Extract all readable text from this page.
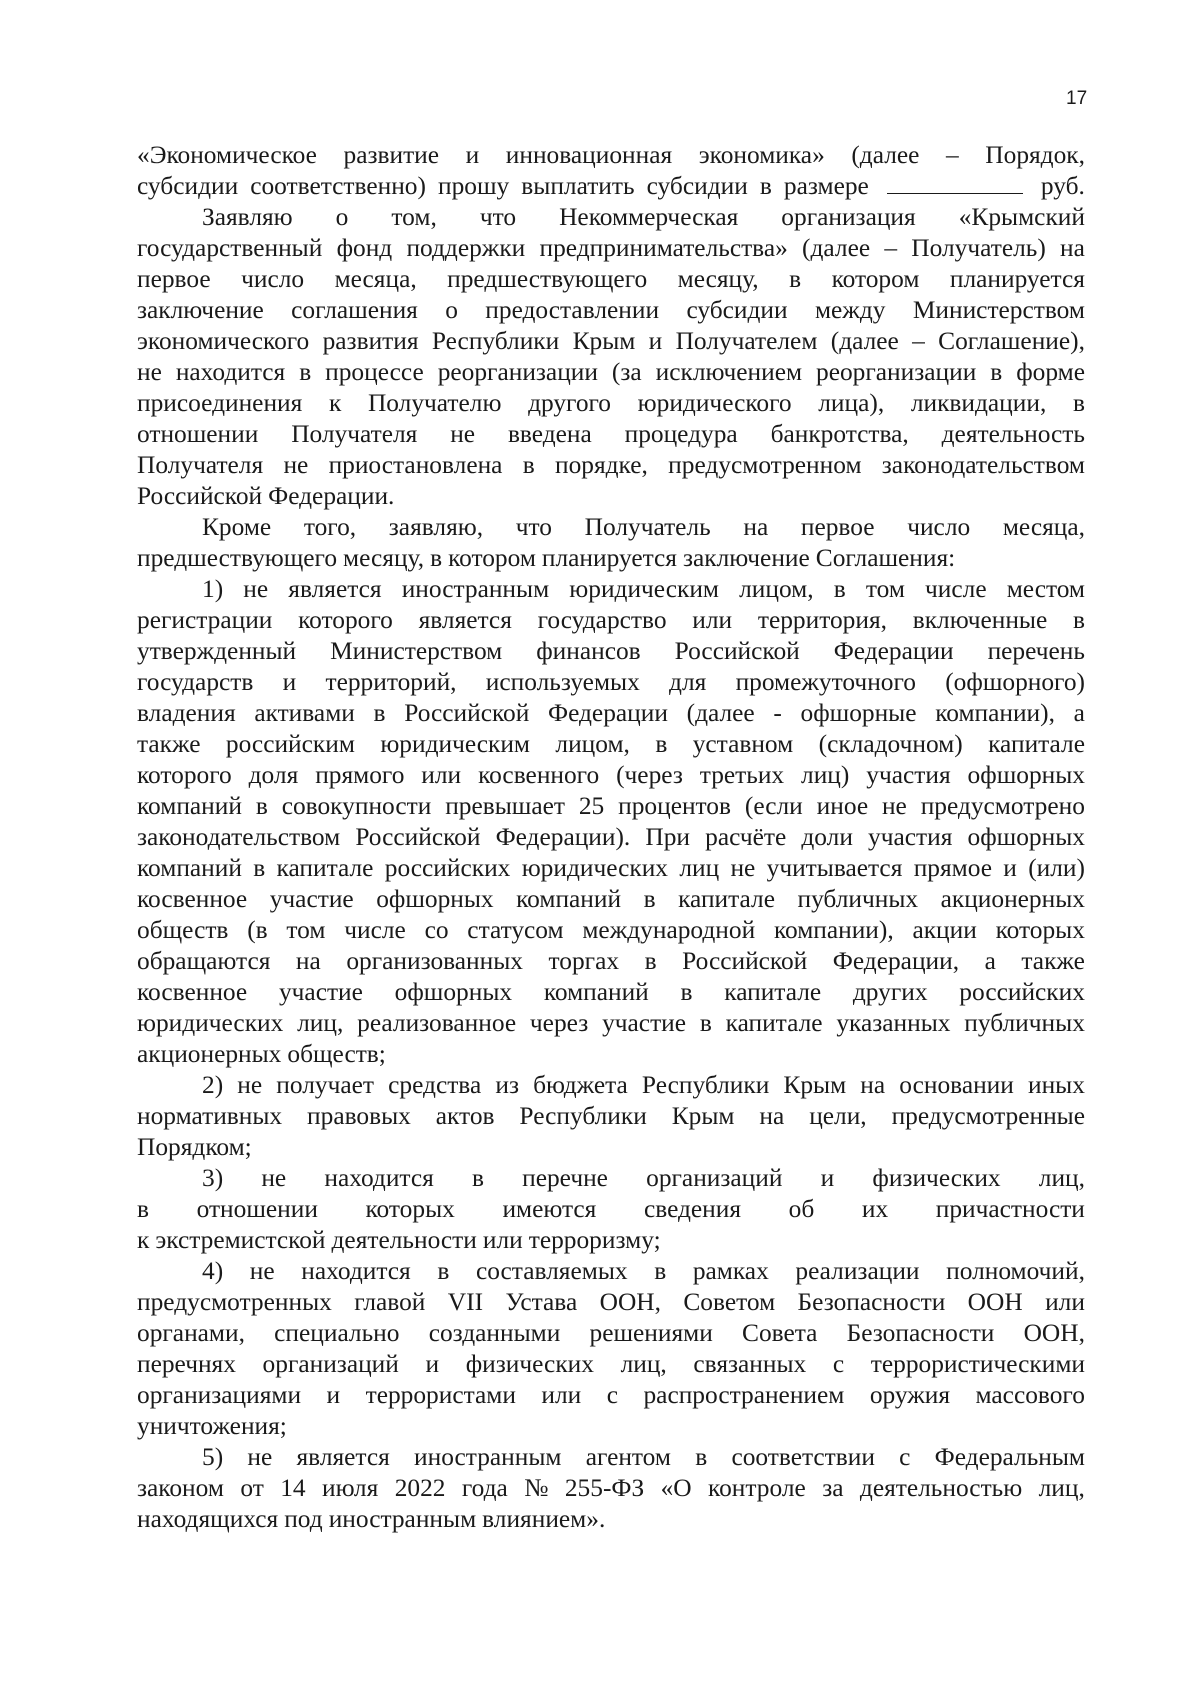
17
«Экономическое развитие и инновационная экономика» (далее – Порядок,
субсидии соответственно) прошу выплатить субсидии в размере	руб.
Заявляю о том, что Некоммерческая организация «Крымский
государственный фонд поддержки предпринимательства» (далее – Получатель) на
первое число месяца, предшествующего месяцу, в котором планируется
заключение соглашения о предоставлении субсидии между Министерством
экономического развития Республики Крым и Получателем (далее – Соглашение),
не находится в процессе реорганизации (за исключением реорганизации в форме
присоединения к Получателю другого юридического лица), ликвидации, в
отношении Получателя не введена процедура банкротства, деятельность
Получателя не приостановлена в порядке, предусмотренном законодательством
Российской Федерации.
Кроме того, заявляю, что Получатель на первое число месяца,
предшествующего месяцу, в котором планируется заключение Соглашения:
1) не является иностранным юридическим лицом, в том числе местом
регистрации которого является государство или территория, включенные в
утвержденный Министерством финансов Российской Федерации перечень
государств и территорий, используемых для промежуточного (офшорного)
владения активами в Российской Федерации (далее - офшорные компании), а
также российским юридическим лицом, в уставном (складочном) капитале
которого доля прямого или косвенного (через третьих лиц) участия офшорных
компаний в совокупности превышает 25 процентов (если иное не предусмотрено
законодательством Российской Федерации). При расчёте доли участия офшорных
компаний в капитале российских юридических лиц не учитывается прямое и (или)
косвенное участие офшорных компаний в капитале публичных акционерных
обществ (в том числе со статусом международной компании), акции которых
обращаются на организованных торгах в Российской Федерации, а также
косвенное участие офшорных компаний в капитале других российских
юридических лиц, реализованное через участие в капитале указанных публичных
акционерных обществ;
2) не получает средства из бюджета Республики Крым на основании иных
нормативных правовых актов Республики Крым на цели, предусмотренные
Порядком;
3) не находится в перечне организаций и физических лиц,
в отношении которых имеются сведения об их причастности
к экстремистской деятельности или терроризму;
4) не находится в составляемых в рамках реализации полномочий,
предусмотренных главой VII Устава ООН, Советом Безопасности ООН или
органами, специально созданными решениями Совета Безопасности ООН,
перечнях организаций и физических лиц, связанных с террористическими
организациями и террористами или с распространением оружия массового
уничтожения;
5) не является иностранным агентом в соответствии с Федеральным
законом от 14 июля 2022 года № 255-ФЗ «О контроле за деятельностью лиц,
находящихся под иностранным влиянием».
